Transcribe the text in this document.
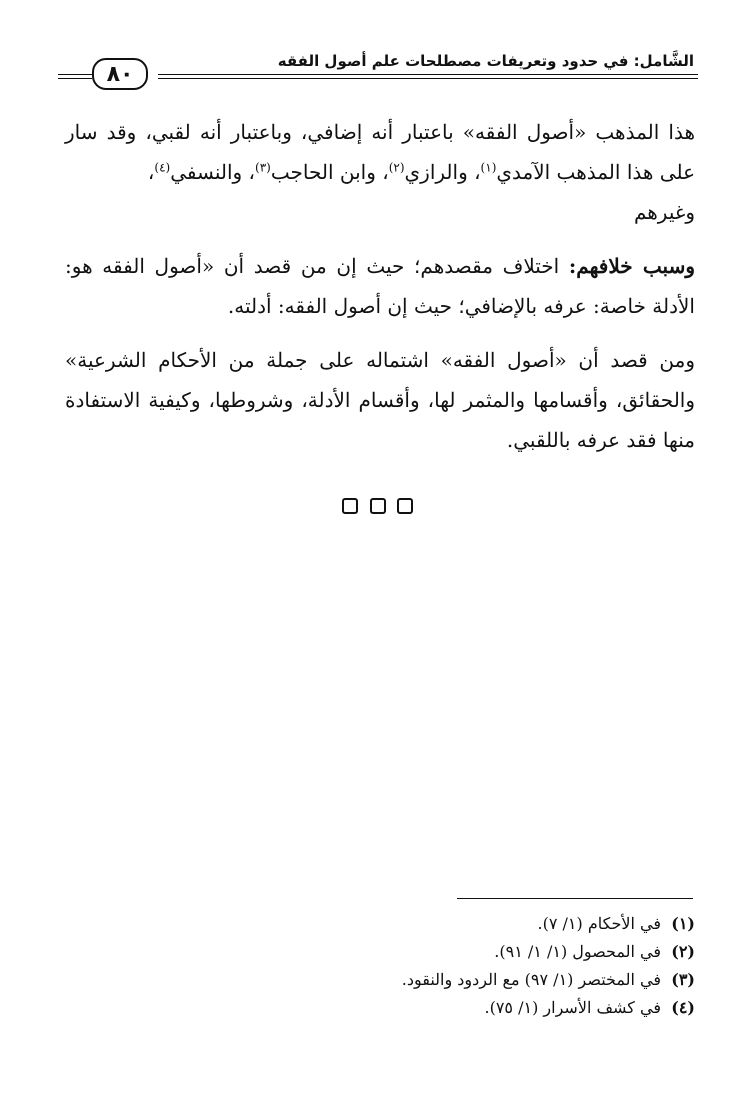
الشَّامل: في حدود وتعريفات مصطلحات علم أصول الفقه
٨٠

هذا المذهب «أصول الفقه» باعتبار أنه إضافي، وباعتبار أنه لقبي، وقد سار على هذا المذهب الآمدي$^{(١)}$، والرازي$^{(٢)}$، وابن الحاجب$^{(٣)}$، والنسفي$^{(٤)}$،
وغيرهم

وسبب خلافهم: اختلاف مقصدهم؛ حيث إن من قصد أن «أصول الفقه هو: الأدلة خاصة: عرفه بالإضافي؛ حيث إن أصول الفقه: أدلته.

ومن قصد أن «أصول الفقه» اشتماله على جملة من الأحكام الشرعية» والحقائق، وأقسامها والمثمر لها، وأقسام الأدلة، وشروطها، وكيفية الاستفادة منها فقد عرفه باللقبي.

(١)في الأحكام (١/ ٧).
(٢)في المحصول (١/ ١/ ٩١).
(٣)في المختصر (١/ ٩٧) مع الردود والنقود.
(٤)في كشف الأسرار (١/ ٧٥).
